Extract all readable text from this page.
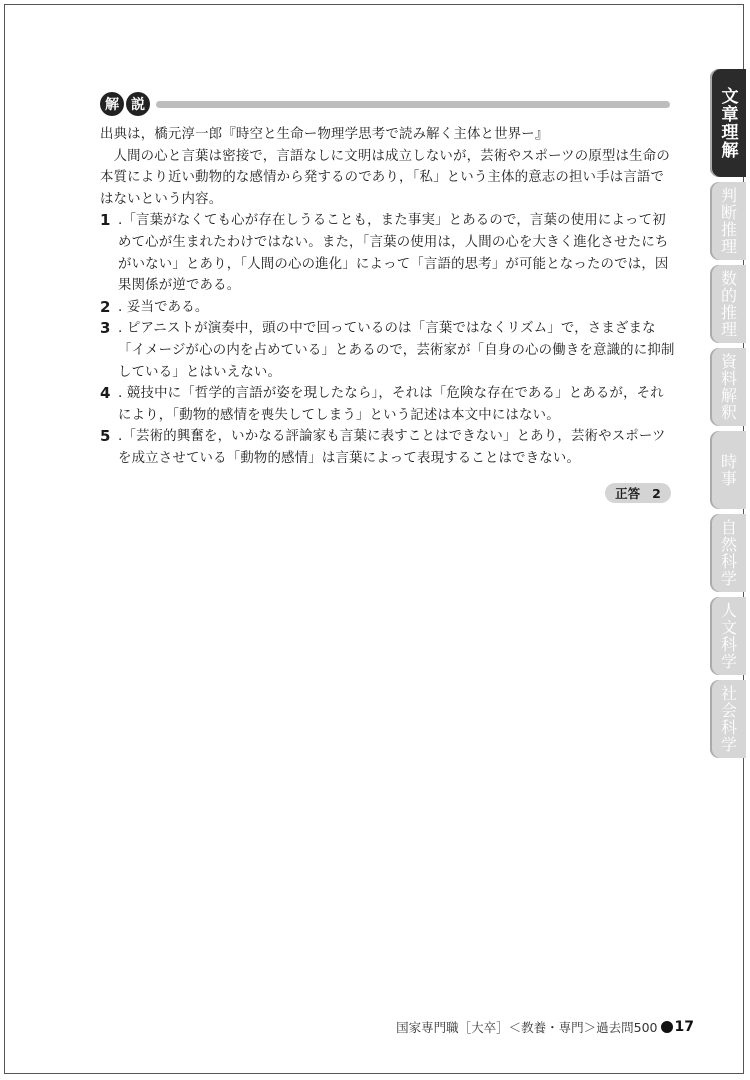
解 説

出典は，橋元淳一郎『時空と生命ー物理学思考で読み解く主体と世界ー』

人間の心と言葉は密接で，言語なしに文明は成立しないが，芸術やスポーツの原型は生命の本質により近い動物的な感情から発するのであり，「私」という主体的意志の担い手は言語ではないという内容。

1 .「言葉がなくても心が存在しうることも，また事実」とあるので，言葉の使用によって初めて心が生まれたわけではない。また，「言葉の使用は，人間の心を大きく進化させたにちがいない」とあり，「人間の心の進化」によって「言語的思考」が可能となったのでは，因果関係が逆である。
2 . 妥当である。
3 . ピアニストが演奏中，頭の中で回っているのは「言葉ではなくリズム」で，さまざまな「イメージが心の内を占めている」とあるので，芸術家が「自身の心の働きを意識的に抑制している」とはいえない。
4 . 競技中に「哲学的言語が姿を現したなら」，それは「危険な存在である」とあるが，それにより，「動物的感情を喪失してしまう」という記述は本文中にはない。
5 .「芸術的興奮を，いかなる評論家も言葉に表すことはできない」とあり，芸術やスポーツを成立させている「動物的感情」は言葉によって表現することはできない。
正答 2
文章理解
判断推理
数的推理
資料解釈
時事
自然科学
人文科学
社会科学
国家専門職［大卒］＜教養・専門＞過去問500 17
